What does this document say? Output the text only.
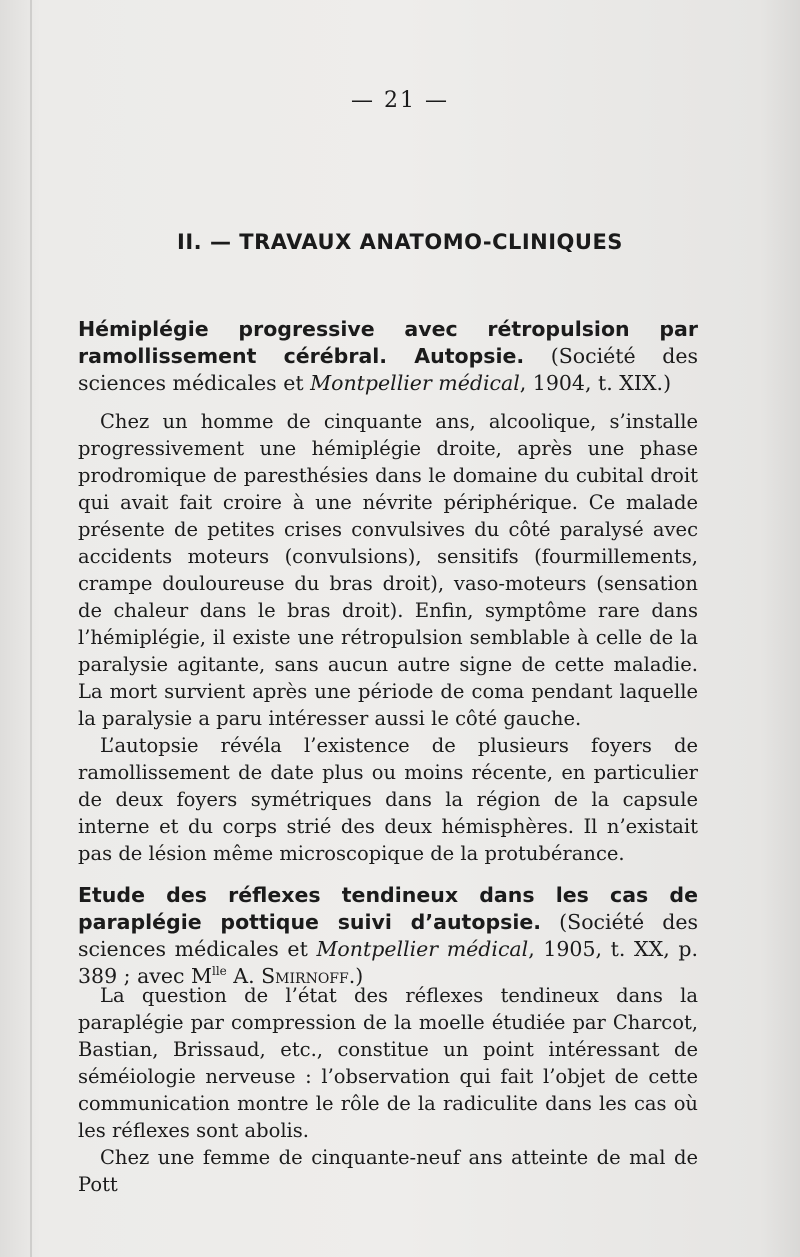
— 21 —
II. — TRAVAUX ANATOMO-CLINIQUES
Hémiplégie progressive avec rétropulsion par ramollissement cérébral. Autopsie. (Société des sciences médicales et Montpellier médical, 1904, t. XIX.)

Chez un homme de cinquante ans, alcoolique, s’installe progressivement une hémiplégie droite, après une phase prodromique de paresthésies dans le domaine du cubital droit qui avait fait croire à une névrite périphérique. Ce malade présente de petites crises convulsives du côté paralysé avec accidents moteurs (convulsions), sensitifs (fourmillements, crampe douloureuse du bras droit), vaso-moteurs (sensation de chaleur dans le bras droit). Enfin, symptôme rare dans l’hémiplégie, il existe une rétropulsion semblable à celle de la paralysie agitante, sans aucun autre signe de cette maladie. La mort survient après une période de coma pendant laquelle la paralysie a paru intéresser aussi le côté gauche.

L’autopsie révéla l’existence de plusieurs foyers de ramollissement de date plus ou moins récente, en particulier de deux foyers symétriques dans la région de la capsule interne et du corps strié des deux hémisphères. Il n’existait pas de lésion même microscopique de la protubérance.

Etude des réflexes tendineux dans les cas de paraplégie pottique suivi d’autopsie. (Société des sciences médicales et Montpellier médical, 1905, t. XX, p. 389 ; avec $M^{lle}$ A. Smirnoff.)

La question de l’état des réflexes tendineux dans la paraplégie par compression de la moelle étudiée par Charcot, Bastian, Brissaud, etc., constitue un point intéressant de séméiologie nerveuse : l’observation qui fait l’objet de cette communication montre le rôle de la radiculite dans les cas où les réflexes sont abolis.

Chez une femme de cinquante-neuf ans atteinte de mal de Pott
